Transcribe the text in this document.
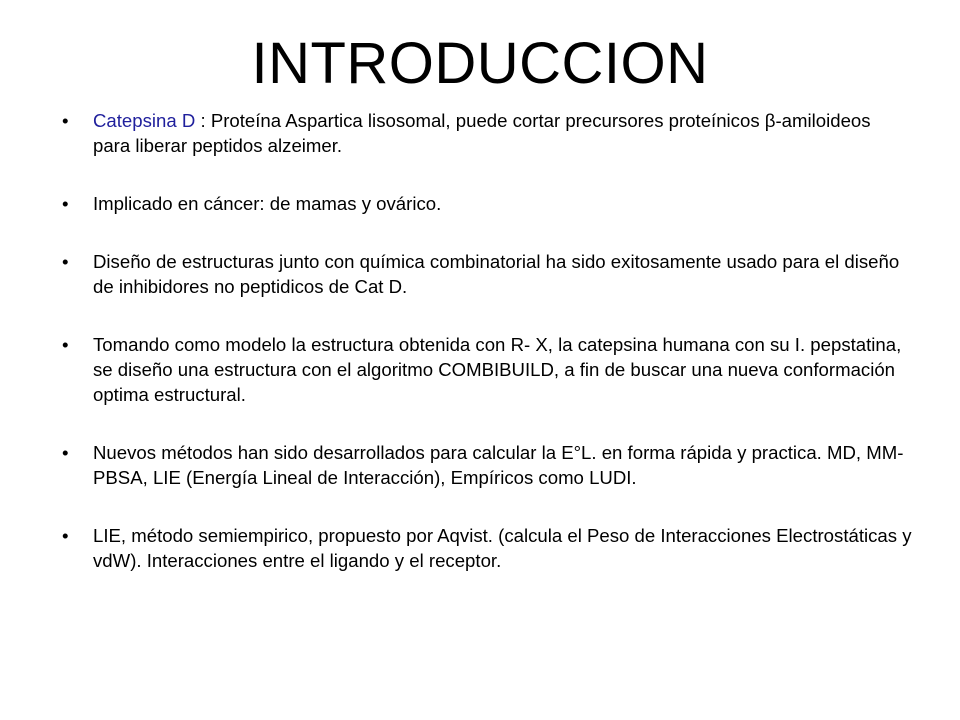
INTRODUCCION
•	Catepsina D : Proteína Aspartica lisosomal, puede cortar precursores proteínicos β-amiloideos para liberar peptidos alzeimer.
•	Implicado en cáncer: de mamas y ovárico.
•	Diseño de estructuras junto con química combinatorial ha sido exitosamente usado para el diseño de inhibidores no peptidicos de Cat D.
•	Tomando como modelo la estructura obtenida con R- X, la catepsina humana con su I. pepstatina, se diseño una estructura con el algoritmo COMBIBUILD, a fin de buscar una nueva conformación optima estructural.
•	Nuevos métodos han sido desarrollados para calcular la E°L. en forma rápida y practica. MD, MM-PBSA, LIE (Energía Lineal de Interacción), Empíricos como LUDI.
•	LIE, método semiempirico, propuesto por Aqvist. (calcula el Peso de Interacciones Electrostáticas y vdW). Interacciones entre el ligando y el receptor.
